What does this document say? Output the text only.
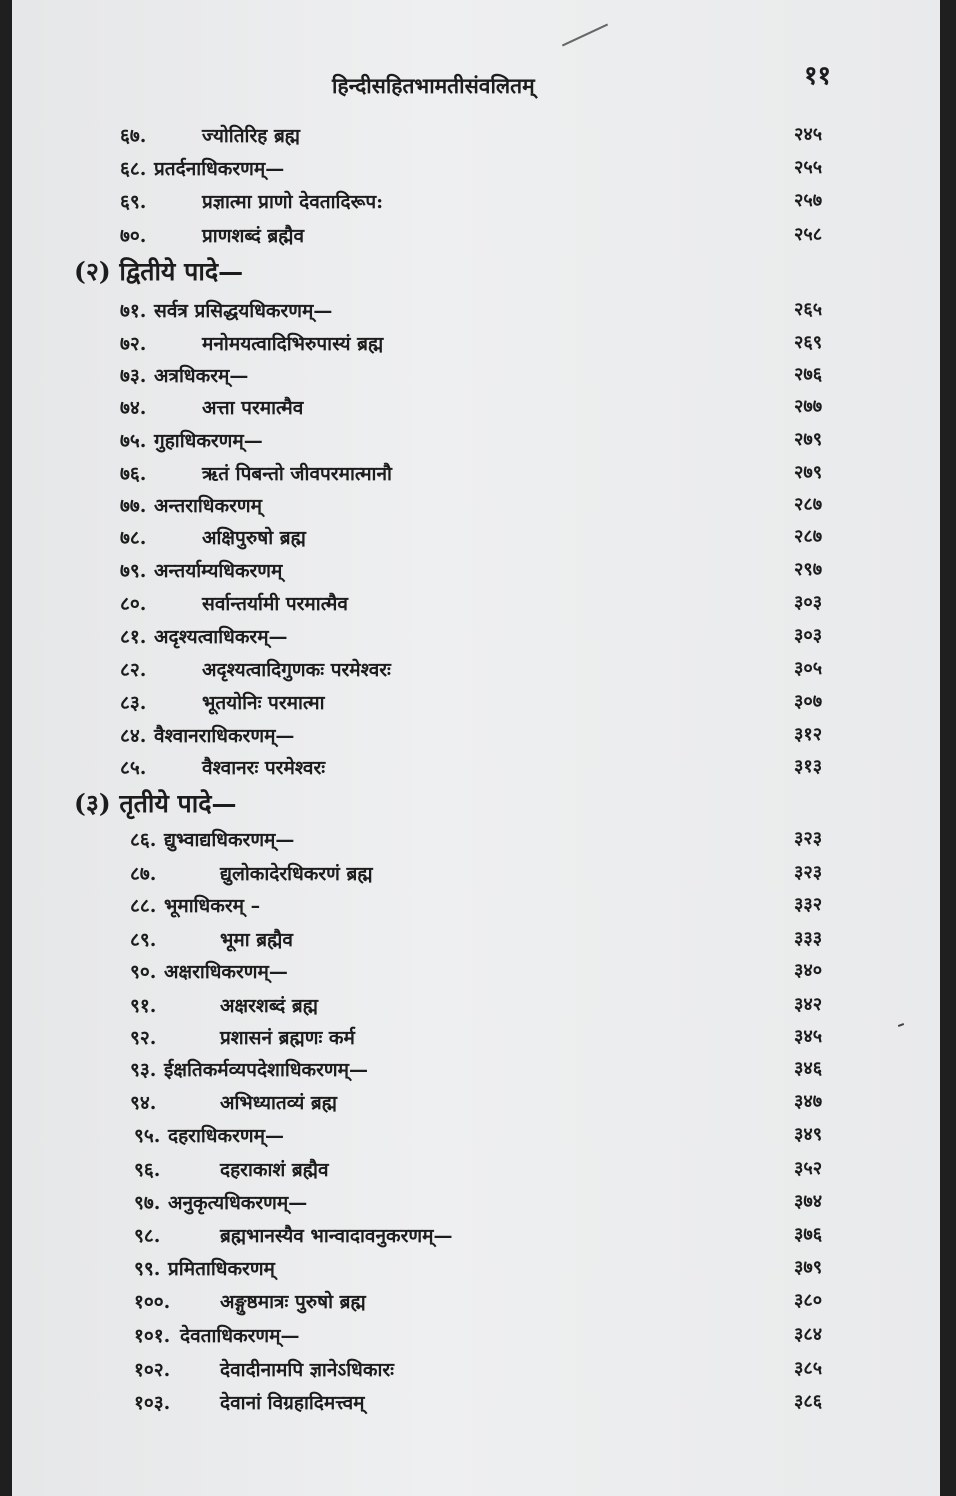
हिन्दीसहितभामतीसंवलितम्	११
६७.	ज्योतिरिह ब्रह्म	२४५
६८. प्रतर्दनाधिकरणम्—	२५५
६९.	प्रज्ञात्मा प्राणो देवतादिरूप:	२५७
७०.	प्राणशब्दं ब्रह्मैव	२५८
(२) द्वितीये पादे—
७१. सर्वत्र प्रसिद्धयधिकरणम्—	२६५
७२.	मनोमयत्वादिभिरुपास्यं ब्रह्म	२६९
७३. अत्रधिकरम्—	२७६
७४.	अत्ता परमात्मैव	२७७
७५. गुहाधिकरणम्—	२७९
७६.	ऋतं पिबन्तो जीवपरमात्मानौ	२७९
७७. अन्तराधिकरणम्	२८७
७८.	अक्षिपुरुषो ब्रह्म	२८७
७९. अन्तर्याम्यधिकरणम्	२९७
८०.	सर्वान्तर्यामी परमात्मैव	३०३
८१. अदृश्यत्वाधिकरम्—	३०३
८२.	अदृश्यत्वादिगुणकः परमेश्वरः	३०५
८३.	भूतयोनिः परमात्मा	३०७
८४. वैश्वानराधिकरणम्—	३१२
८५.	वैश्वानरः परमेश्वरः	३१३
(३) तृतीये पादे—
८६. द्युभ्वाद्यधिकरणम्—	३२३
८७.	द्युलोकादेरधिकरणं ब्रह्म	३२३
८८. भूमाधिकरम् –	३३२
८९.	भूमा ब्रह्मैव	३३३
९०. अक्षराधिकरणम्—	३४०
९१.	अक्षरशब्दं ब्रह्म	३४२
९२.	प्रशासनं ब्रह्मणः कर्म	३४५
९३. ईक्षतिकर्मव्यपदेशाधिकरणम्—	३४६
९४.	अभिध्यातव्यं ब्रह्म	३४७
९५. दहराधिकरणम्—	३४९
९६.	दहराकाशं ब्रह्मैव	३५२
९७. अनुकृत्यधिकरणम्—	३७४
९८.	ब्रह्मभानस्यैव भान्वादावनुकरणम्—	३७६
९९. प्रमिताधिकरणम्	३७९
१००.	अङ्गुष्ठमात्रः पुरुषो ब्रह्म	३८०
१०१. देवताधिकरणम्—	३८४
१०२.	देवादीनामपि ज्ञानेऽधिकारः	३८५
१०३.	देवानां विग्रहादिमत्त्वम्	३८६
